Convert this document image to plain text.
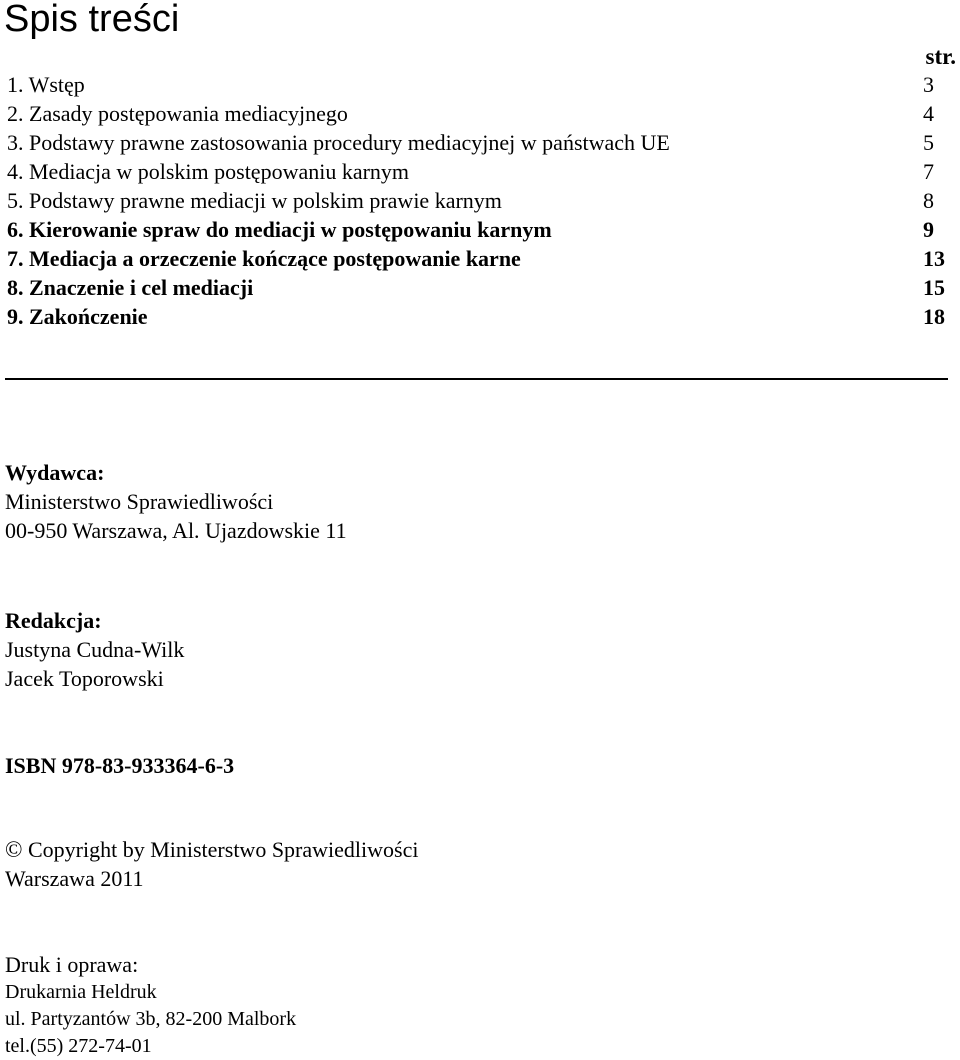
Spis treści
str.
1. Wstęp	3
2. Zasady postępowania mediacyjnego	4
3. Podstawy prawne zastosowania procedury mediacyjnej w państwach UE	5
4. Mediacja w polskim postępowaniu karnym	7
5. Podstawy prawne mediacji w polskim prawie karnym	8
6. Kierowanie spraw do mediacji w postępowaniu karnym	9
7. Mediacja a orzeczenie kończące postępowanie karne	13
8. Znaczenie i cel mediacji	15
9. Zakończenie	18
Wydawca:
Ministerstwo Sprawiedliwości
00-950 Warszawa, Al. Ujazdowskie 11
Redakcja:
Justyna Cudna-Wilk
Jacek Toporowski
ISBN 978-83-933364-6-3
© Copyright by Ministerstwo Sprawiedliwości
Warszawa 2011
Druk i oprawa:
Drukarnia Heldruk
ul. Partyzantów 3b, 82-200 Malbork
tel.(55) 272-74-01
